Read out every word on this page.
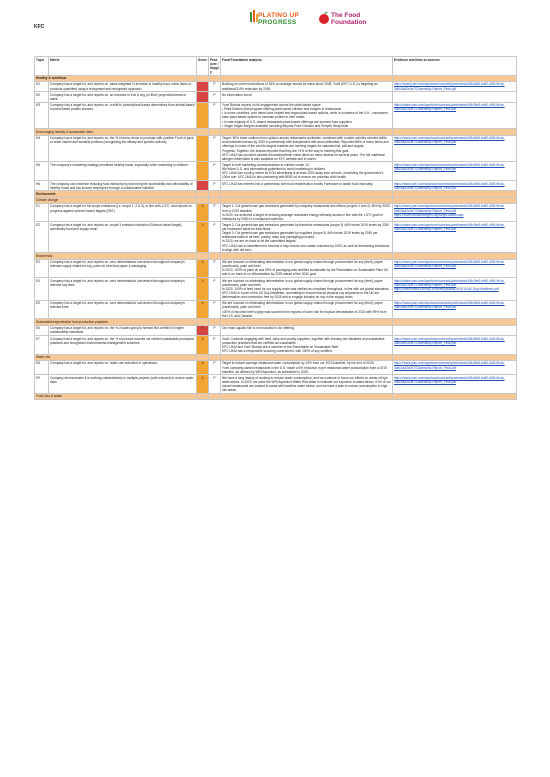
KFC
PLATING UP
PROGRESS
The Food
Foundation
Topic	Metric	Score	Producer / Supply	Food Foundation analysis	Evidence and links to sources
Healthy & nutritious					
H1	Company has a target for, and reports on, sales-weighted % increase in healthy food, menu items or products quantified using a recognised and recognised approach.		P	Building on current reductions of 18% on average across its menu since 2008, Yum! (KFC U.S.) is targeting an additional 5-8% reduction by 2026.	https://www.yum.com/wps/wcm/connect/yumbrands/1f6c3fe8-bd40-4b3f-9e4a-3d5c3a42c0e7/Citizenship-Report_Final.pdf
H2	Company has a target for, and reports on, an increase in fruit & veg (or fibre) proportions/meal or sales.		P	No information found	
H3	Company has a target for, and reports on, a shift to protein/plant-based alternatives from animal-based to plant-based protein sources.		P	Yum! Brands reports on its engagement across the plant-based space:
• Plant Kitchen pilot program offering plant-based chicken and burgers in restaurants
• In some countries, core items have helped test vegan plant-based options, while in countries of the U.K., consumers have plant-based options to increase protein in their meals
• In vast majority of U.S.-based restaurants plant-based offerings are sourced from suppliers.
• Vegan Vegan burgers available including Beyond Fried Chicken and Tempeh Wrap trials	https://www.yum.com/wps/wcm/connect/yumbrands/1f6c3fe8-bd40-4b3f-9e4a-3d5c3a42c0e7/Citizenship-Report_Final.pdf
Encouraging healthy & sustainable diets					
H4	Company has a target for, and reports on, the % of menu items or products with positive Front of pack or lower calorie and sensible portions (recognising the dietary and specific actions).		P	Target: 50% lower sodium menu options across restaurants worldwide, combined with a wider calories calories within recommended menus by 2025 in partnership with independent diet and nutritionists. Reported 86% of menu items and offerings in some of the world's largest markets are meeting targets for saturated fat, salt and sugars.
Progress: Together, the brands reported that they are 74% of the way to meeting this goal.
KFC UK&I has provided calories information/fresh menu items so menu boards for several years. The full nutritional allergen information is also available on KFC website and in stores.	https://www.yum.com/wps/wcm/connect/yumbrands/1f6c3fe8-bd40-4b3f-9e4a-3d5c3a42c0e7/Citizenship-Report_Final.pdf
H5	The company's marketing strategy prioritises healthy foods, especially when marketing to children.		P	Target to limit marketing communications to children under 12.
We follow U.S. and international guidelines to avoid marketing to children.
KFC UK&I has a policy where its KOH advertising is at least 1000 away from schools, exceeding the government's 100m rule. KFC UK&I is also partnering with BRA Ltd to ensure we prioritise child health.	https://www.yum.com/wps/wcm/connect/yumbrands/1f6c3fe8-bd40-4b3f-9e4a-3d5c3a42c0e7/Citizenship-Report_Final.pdf
H6	The company can evidence reducing food insecurity by improving the accessibility and affordability of healthy foods and low income employees through a collaborative initiative.		P	KFC UK&I has entered into a partnership with food redistribution charity Fareshare to tackle food insecurity.	https://www.yum.com/wps/wcm/connect/yumbrands/1f6c3fe8-bd40-4b3f-9e4a-3d5c3a42c0e7/Citizenship-Report_Final.pdf
Environment					
Climate change					
E1	Company has a target for full scope emissions (i.e. scope 1, 2 & 3), in line with 1.5°C, and reports on progress against science based targets (SBT).	3	P	Target 1: Cut greenhouse gas emissions generated by company restaurants and offices (scopes 1 and 2) 46% by 2030 from a 2019 baseline.
In 2020, we achieved a target of reducing average restaurant energy intensity across in line with the 1.5°C goal for emissions by 2050 in a restaurant calendar.	https://www.yum.com/wps/wcm/connect/yumbrands/1f6c3fe8-bd40-4b3f-9e4a-3d5c3a42c0e7/Citizenship-Report_Final.pdf
https://sciencebasedtargets.org/target-dashboard
E2	Company has a target for, and reports on, scope 3 emission reduction (Science based target), specifically food and supply chain.	3	P	Target 2: Cut greenhouse gas emissions generated by franchise restaurants (scope 3) 46% below 2019 levels by 2030 per restaurant basis for franchises.
Target 3: Cut greenhouse gas emissions generated by suppliers (scope 3) 46% below 2019 levels by 2030 per restaurant basis in all beef, poultry, dairy and packaging procured.
In 2020, we are on track to hit the committed targets.
KFC UK&I has a commitment to become a fully circular zero waste business by 2025, as well as decreasing emissions to align with net zero.	https://www.yum.com/wps/wcm/connect/yumbrands/1f6c3fe8-bd40-4b3f-9e4a-3d5c3a42c0e7/Citizenship-Report_Final.pdf
Biodiversity					
E3	Company has a target for, and reports on, zero deforestation/ conversion throughout company's relevant supply chains for soy, palm oil, beef and paper & packaging.	3	P	We are focused on eliminating deforestation in our global supply chains through procurement for soy (feed), paper (cardboard), palm and beef.
In 2020, 100% of palm oil and 95% of packaging was certified sustainable by the Roundtable on Sustainable Palm Oil and is on track to no deforestation by 2025 ahead of the 2030 goal.	https://www.yum.com/wps/wcm/connect/yumbrands/1f6c3fe8-bd40-4b3f-9e4a-3d5c3a42c0e7/Citizenship-Report_Final.pdf
E4	Company has a target for, and reports on, zero deforestation/ conversion throughout company's relevant soy feed.	3	P	We are focused on eliminating deforestation in our global supply chains through procurement for soy (feed), paper (cardboard), palm and beef.
In 2020, 100% of feed used for our supply chain was verified as compliant throughout, in line with our global standards.
KFC UK&I is a part of the UK Soy Manifesto, committing to ensure that all physical soy shipments to the UK are deforestation and conversion free by 2025 and to engage industry on soy in the supply chain.	https://www.yum.com/wps/wcm/connect/yumbrands/1f6c3fe8-bd40-4b3f-9e4a-3d5c3a42c0e7/Citizenship-Report_Final.pdf
https://www.efeca.com/wp-content/uploads/2021/11/UK-Soy-Manifesto.pdf
E5	Company has a target for, and reports on, zero deforestation/ conversion throughout company's relevant beef.	3	P	We are focused on eliminating deforestation in our global supply chains through procurement for soy (feed), paper (cardboard), palm and beef.
100% of reported beef supply was sourced from regions of lower risk for tropical deforestation in 2020 with 99% from the U.S. and Canada.	https://www.yum.com/wps/wcm/connect/yumbrands/1f6c3fe8-bd40-4b3f-9e4a-3d5c3a42c0e7/Citizenship-Report_Final.pdf
Sustainable/regenerative food production practices					
E6	Company has a target for, and reports on, the % of sales going to farmed fish certified to higher sustainability standards.	3	P	Our main aquatic fish is not included in our offering.	
E7	Company has a target for, and reports on, the % of product sourced via verified sustainable production practices and recognised environmental management schemes.	3	P	Goal: Continue engaging with beef, dairy and poultry suppliers, together with industry-led initiatives and sustainable production practices that are certified as sustainable.
KFC UK&I and Yum! Brands are a member of the Roundtable on Sustainable Beef.
KFC UK&I has a responsible sourcing commitment, with 100% of soy certified.	https://www.yum.com/wps/wcm/connect/yumbrands/1f6c3fe8-bd40-4b3f-9e4a-3d5c3a42c0e7/Citizenship-Report_Final.pdf
Water use					
E8	Company has a target for, and reports on, water use reduction in operations.	3	P	Target to reduce average restaurant water consumption by 10% from our 2019 baseline, by the end of 2025.
Yum! company-owned restaurants in the U.S. made a 5% reduction in per restaurant water consumption from a 2019 baseline, as defined by WRI Aqueduct, as scheduled to 2025.	https://www.yum.com/wps/wcm/connect/yumbrands/1f6c3fe8-bd40-4b3f-9e4a-3d5c3a42c0e7/Citizenship-Report_Final.pdf
E9	Company demonstrates it is working collaboratively in multiple projects (with relevant) to reduce water risks.	3	P	We have a long history of working to reduce water consumption, and we continue to focus our efforts on areas of high water stress. In 2020, we used the WRI Aqueduct Water Risk Atlas to evaluate our exposure to water stress. 91% of our owned restaurants are located in areas with baseline water stress, and we have a plan to reduce consumption in high-risk areas.	https://www.yum.com/wps/wcm/connect/yumbrands/1f6c3fe8-bd40-4b3f-9e4a-3d5c3a42c0e7/Citizenship-Report_Final.pdf
Food loss & waste					
